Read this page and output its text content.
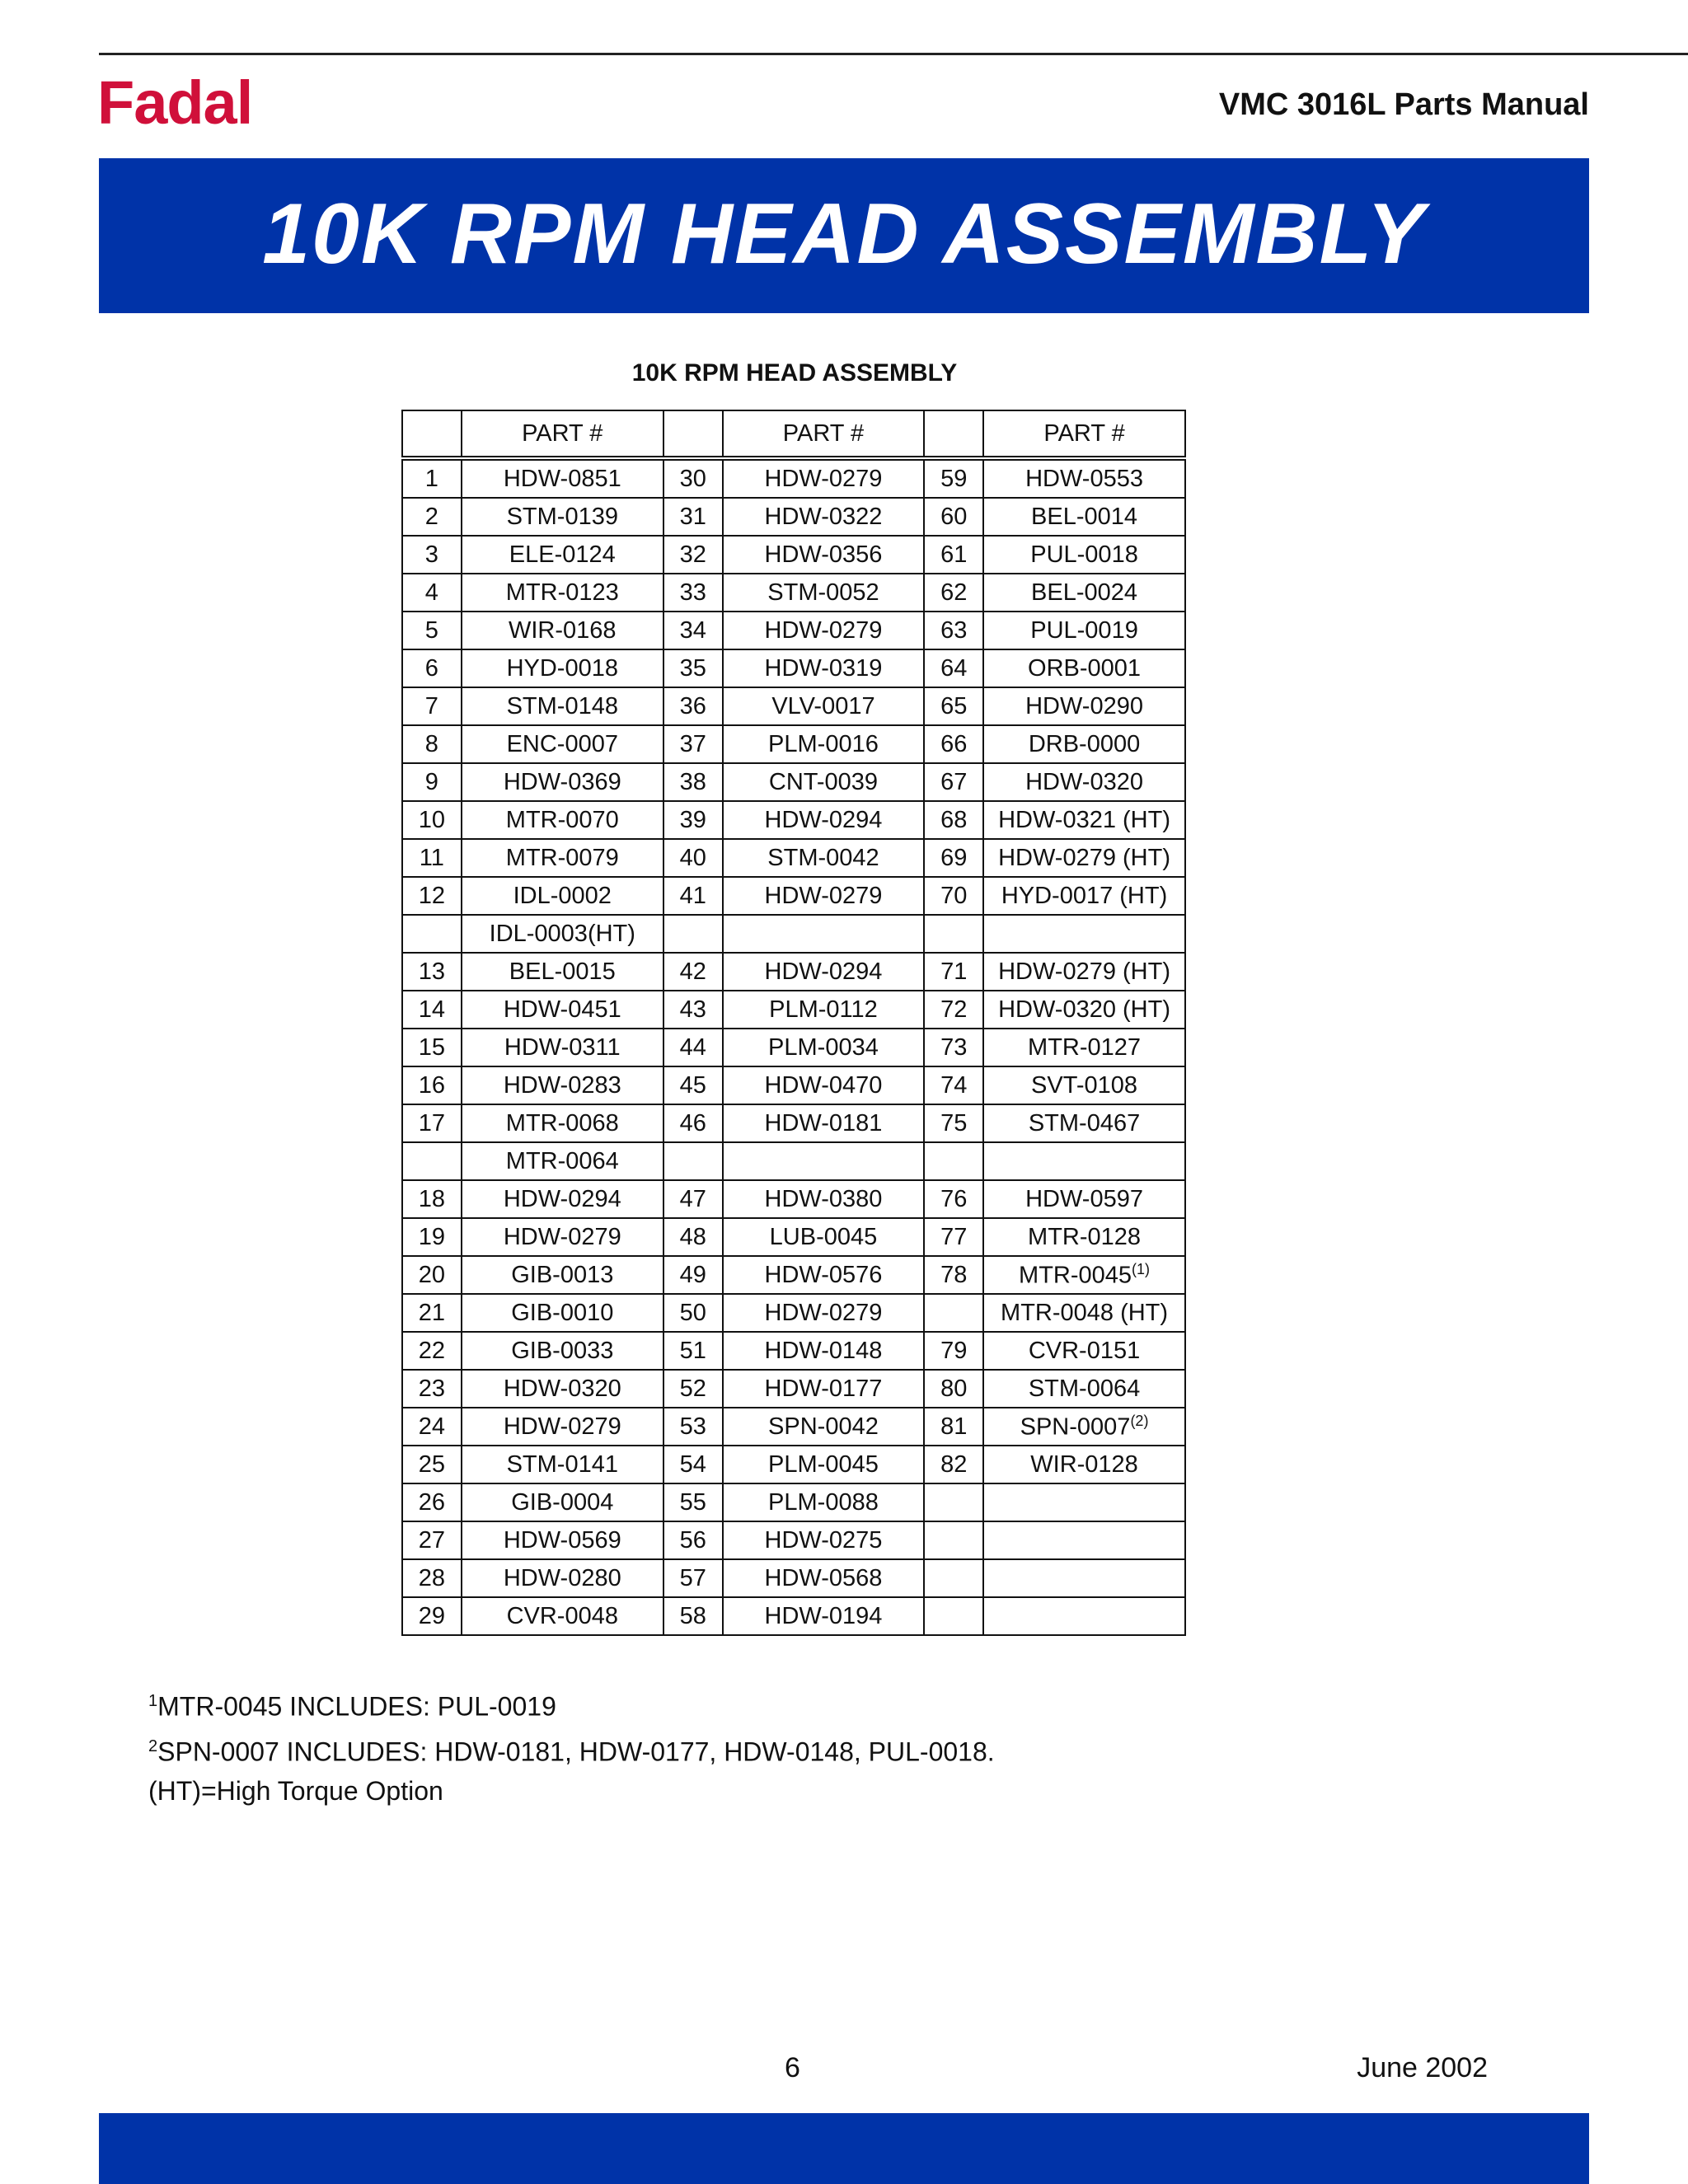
Fadal	VMC 3016L Parts Manual
10K RPM HEAD ASSEMBLY
10K RPM HEAD ASSEMBLY
	PART #		PART #		PART #
1	HDW-0851	30	HDW-0279	59	HDW-0553
2	STM-0139	31	HDW-0322	60	BEL-0014
3	ELE-0124	32	HDW-0356	61	PUL-0018
4	MTR-0123	33	STM-0052	62	BEL-0024
5	WIR-0168	34	HDW-0279	63	PUL-0019
6	HYD-0018	35	HDW-0319	64	ORB-0001
7	STM-0148	36	VLV-0017	65	HDW-0290
8	ENC-0007	37	PLM-0016	66	DRB-0000
9	HDW-0369	38	CNT-0039	67	HDW-0320
10	MTR-0070	39	HDW-0294	68	HDW-0321 (HT)
11	MTR-0079	40	STM-0042	69	HDW-0279 (HT)
12	IDL-0002	41	HDW-0279	70	HYD-0017 (HT)
	IDL-0003(HT)				
13	BEL-0015	42	HDW-0294	71	HDW-0279 (HT)
14	HDW-0451	43	PLM-0112	72	HDW-0320 (HT)
15	HDW-0311	44	PLM-0034	73	MTR-0127
16	HDW-0283	45	HDW-0470	74	SVT-0108
17	MTR-0068	46	HDW-0181	75	STM-0467
	MTR-0064				
18	HDW-0294	47	HDW-0380	76	HDW-0597
19	HDW-0279	48	LUB-0045	77	MTR-0128
20	GIB-0013	49	HDW-0576	78	MTR-0045$^{(1)}$
21	GIB-0010	50	HDW-0279		MTR-0048 (HT)
22	GIB-0033	51	HDW-0148	79	CVR-0151
23	HDW-0320	52	HDW-0177	80	STM-0064
24	HDW-0279	53	SPN-0042	81	SPN-0007$^{(2)}$
25	STM-0141	54	PLM-0045	82	WIR-0128
26	GIB-0004	55	PLM-0088		
27	HDW-0569	56	HDW-0275		
28	HDW-0280	57	HDW-0568		
29	CVR-0048	58	HDW-0194		
$^1$MTR-0045 INCLUDES: PUL-0019
$^2$SPN-0007 INCLUDES: HDW-0181, HDW-0177, HDW-0148, PUL-0018.
(HT)=High Torque Option
6	June 2002
